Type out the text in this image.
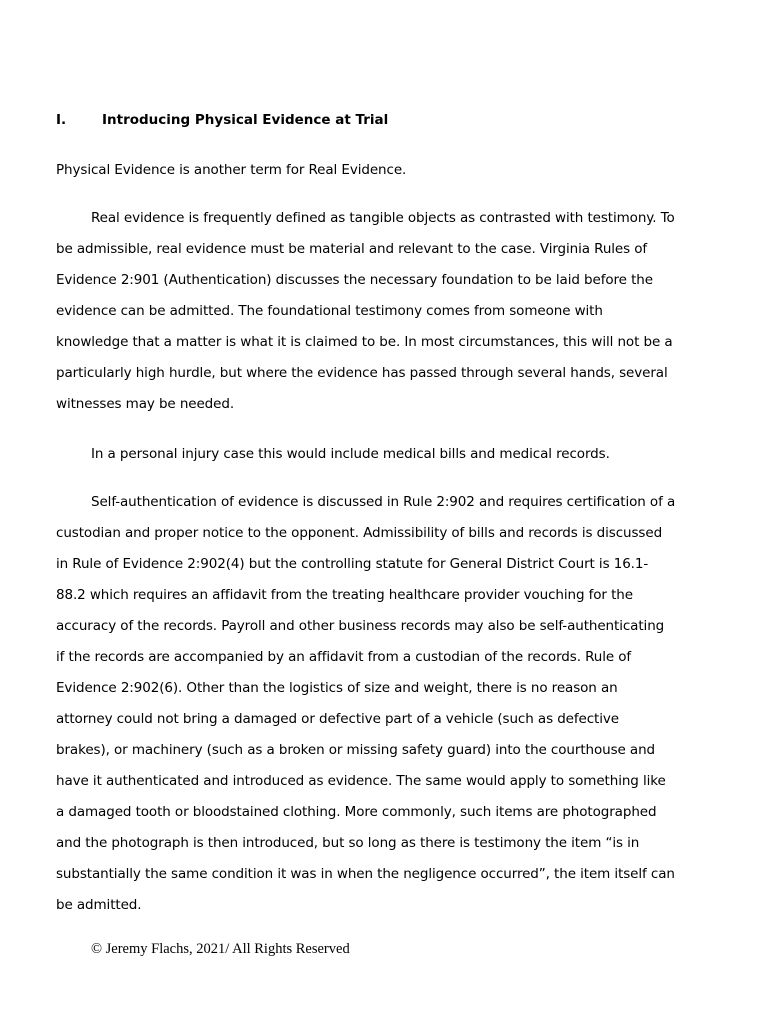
I.	Introducing Physical Evidence at Trial
Physical Evidence is another term for Real Evidence.
Real evidence is frequently defined as tangible objects as contrasted with testimony. To be admissible, real evidence must be material and relevant to the case. Virginia Rules of Evidence 2:901 (Authentication) discusses the necessary foundation to be laid before the evidence can be admitted. The foundational testimony comes from someone with knowledge that a matter is what it is claimed to be. In most circumstances, this will not be a particularly high hurdle, but where the evidence has passed through several hands, several witnesses may be needed.
In a personal injury case this would include medical bills and medical records.
Self-authentication of evidence is discussed in Rule 2:902 and requires certification of a custodian and proper notice to the opponent. Admissibility of bills and records is discussed in Rule of Evidence 2:902(4) but the controlling statute for General District Court is 16.1-88.2 which requires an affidavit from the treating healthcare provider vouching for the accuracy of the records. Payroll and other business records may also be self-authenticating if the records are accompanied by an affidavit from a custodian of the records. Rule of Evidence 2:902(6). Other than the logistics of size and weight, there is no reason an attorney could not bring a damaged or defective part of a vehicle (such as defective brakes), or machinery (such as a broken or missing safety guard) into the courthouse and have it authenticated and introduced as evidence. The same would apply to something like a damaged tooth or bloodstained clothing. More commonly, such items are photographed and the photograph is then introduced, but so long as there is testimony the item “is in substantially the same condition it was in when the negligence occurred”, the item itself can be admitted.
© Jeremy Flachs, 2021/ All Rights Reserved
